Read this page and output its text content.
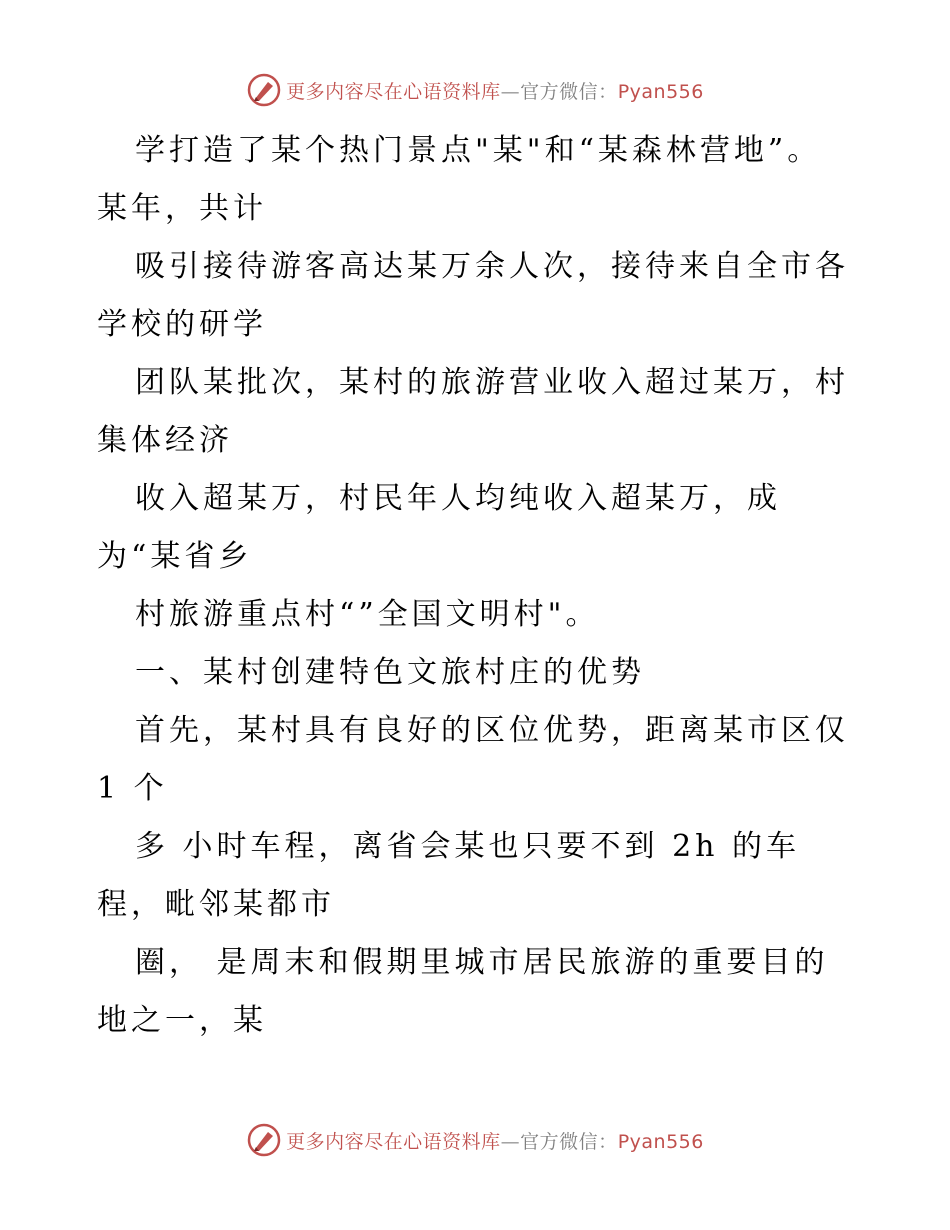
更多内容尽在心语资料库—官方微信：Pyan556
学打造了某个热门景点"某"和“某森林营地”。
某年，共计
吸引接待游客高达某万余人次，接待来自全市各
学校的研学
团队某批次，某村的旅游营业收入超过某万，村
集体经济
收入超某万，村民年人均纯收入超某万，成
为“某省乡
村旅游重点村“”全国文明村"。
一、某村创建特色文旅村庄的优势
首先，某村具有良好的区位优势，距离某市区仅
1 个
多 小时车程，离省会某也只要不到 2h 的车
程，毗邻某都市
圈， 是周末和假期里城市居民旅游的重要目的
地之一，某
更多内容尽在心语资料库—官方微信：Pyan556
